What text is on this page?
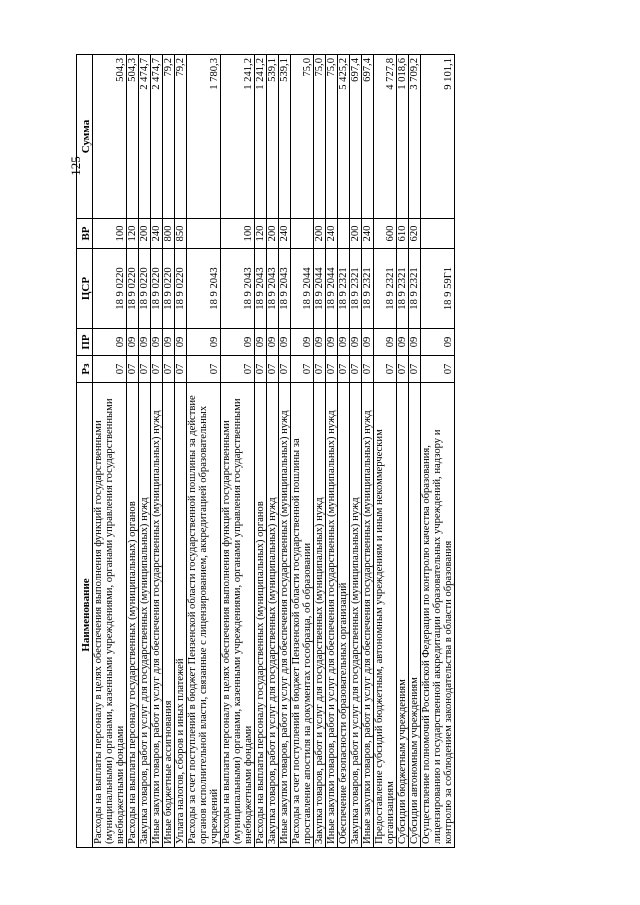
125
Наименование	Рз	ПР	ЦСР	ВР	Сумма
Расходы на выплаты персоналу в целях обеспечения выполнения функций государственными (муниципальными) органами, казенными учреждениями, органами управления государственными внебюджетными фондами	07	09	18 9 0220	100	504,3
Расходы на выплаты персоналу государственных (муниципальных) органов	07	09	18 9 0220	120	504,3
Закупка товаров, работ и услуг для государственных (муниципальных) нужд	07	09	18 9 0220	200	2 474,7
Иные закупки товаров, работ и услуг для обеспечения государственных (муниципальных) нужд	07	09	18 9 0220	240	2 474,7
Иные бюджетные ассигнования	07	09	18 9 0220	800	79,2
Уплата налогов, сборов и иных платежей	07	09	18 9 0220	850	79,2
Расходы за счет поступлений в бюджет Пензенской области государственной пошлины за действие органов исполнительной власти, связанные с лицензированием, аккредитацией образовательных учреждений	07	09	18 9 2043		1 780,3
Расходы на выплаты персоналу в целях обеспечения выполнения функций государственными (муниципальными) органами, казенными учреждениями, органами управления государственными внебюджетными фондами	07	09	18 9 2043	100	1 241,2
Расходы на выплаты персоналу государственных (муниципальных) органов	07	09	18 9 2043	120	1 241,2
Закупка товаров, работ и услуг для государственных (муниципальных) нужд	07	09	18 9 2043	200	539,1
Иные закупки товаров, работ и услуг для обеспечения государственных (муниципальных) нужд	07	09	18 9 2043	240	539,1
Расходы за счет поступлений в бюджет Пензенской области государственной пошлины за проставление апостиля на документах гособразца, об образовании	07	09	18 9 2044		75,0
Закупка товаров, работ и услуг для государственных (муниципальных) нужд	07	09	18 9 2044	200	75,0
Иные закупки товаров, работ и услуг для обеспечения государственных (муниципальных) нужд	07	09	18 9 2044	240	75,0
Обеспечение безопасности образовательных организаций	07	09	18 9 2321		5 425,2
Закупка товаров, работ и услуг для государственных (муниципальных) нужд	07	09	18 9 2321	200	697,4
Иные закупки товаров, работ и услуг для обеспечения государственных (муниципальных) нужд	07	09	18 9 2321	240	697,4
Предоставление субсидий бюджетным, автономным учреждениям и иным некоммерческим организациям	07	09	18 9 2321	600	4 727,8
Субсидии бюджетным учреждениям	07	09	18 9 2321	610	1 018,6
Субсидии автономным учреждениям	07	09	18 9 2321	620	3 709,2
Осуществление полномочий Российской Федерации по контролю качества образования, лицензированию и государственной аккредитации образовательных учреждений, надзору и контролю за соблюдением законодательства в области образования	07	09	18 9 59Г1		9 101,1
